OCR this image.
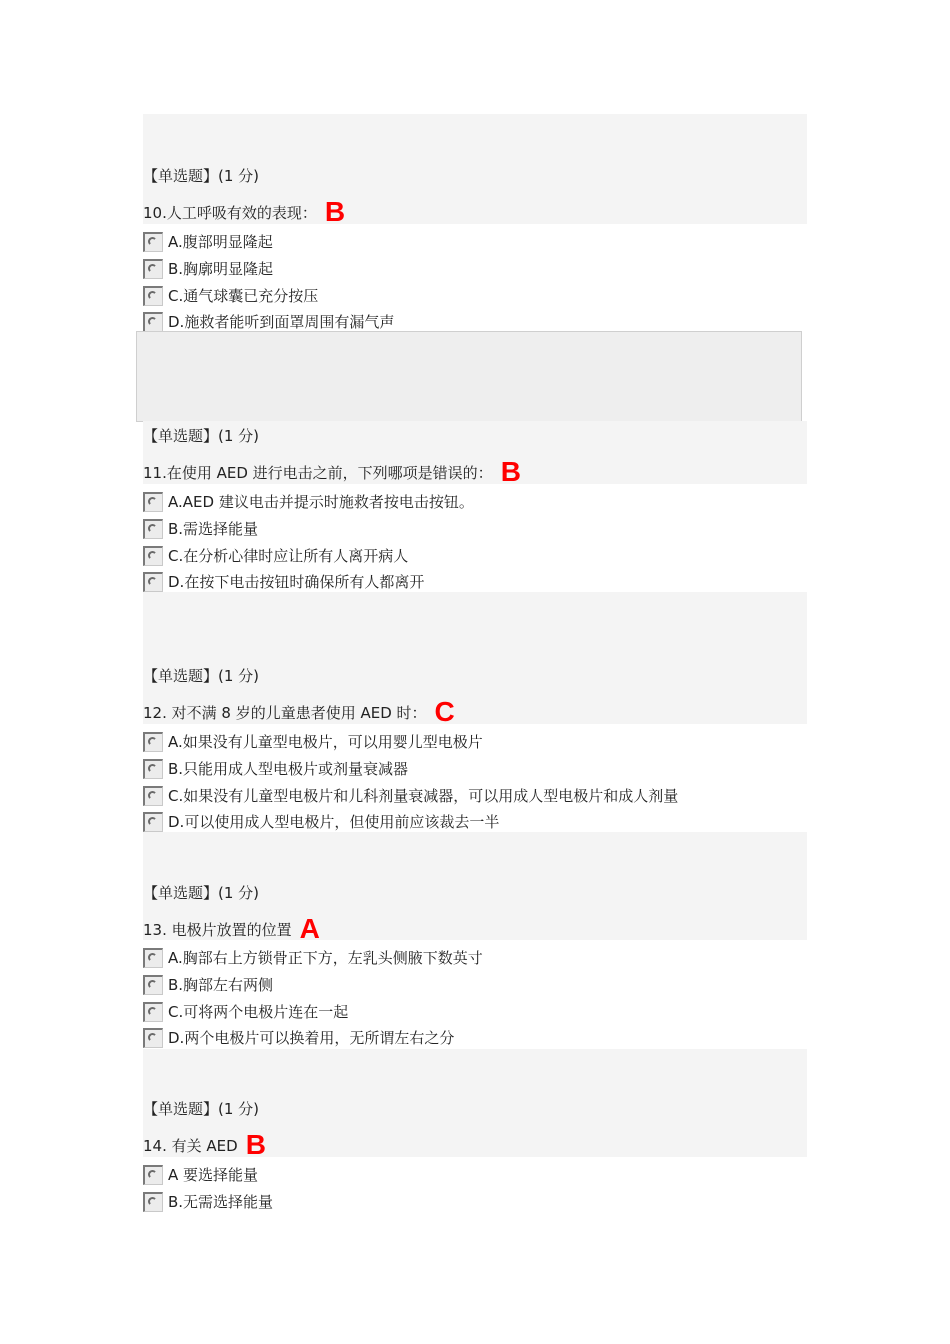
【单选题】(1 分)
10.人工呼吸有效的表现： B
A.腹部明显隆起
B.胸廓明显隆起
C.通气球囊已充分按压
D.施救者能听到面罩周围有漏气声
【单选题】(1 分)
11.在使用 AED 进行电击之前，下列哪项是错误的： B
A.AED 建议电击并提示时施救者按电击按钮。
B.需选择能量
C.在分析心律时应让所有人离开病人
D.在按下电击按钮时确保所有人都离开
【单选题】(1 分)
12. 对不满 8 岁的儿童患者使用 AED 时： C
A.如果没有儿童型电极片，可以用婴儿型电极片
B.只能用成人型电极片或剂量衰减器
C.如果没有儿童型电极片和儿科剂量衰减器，可以用成人型电极片和成人剂量
D.可以使用成人型电极片，但使用前应该裁去一半
【单选题】(1 分)
13. 电极片放置的位置 A
A.胸部右上方锁骨正下方，左乳头侧腋下数英寸
B.胸部左右两侧
C.可将两个电极片连在一起
D.两个电极片可以换着用，无所谓左右之分
【单选题】(1 分)
14. 有关 AED B
A 要选择能量
B.无需选择能量
